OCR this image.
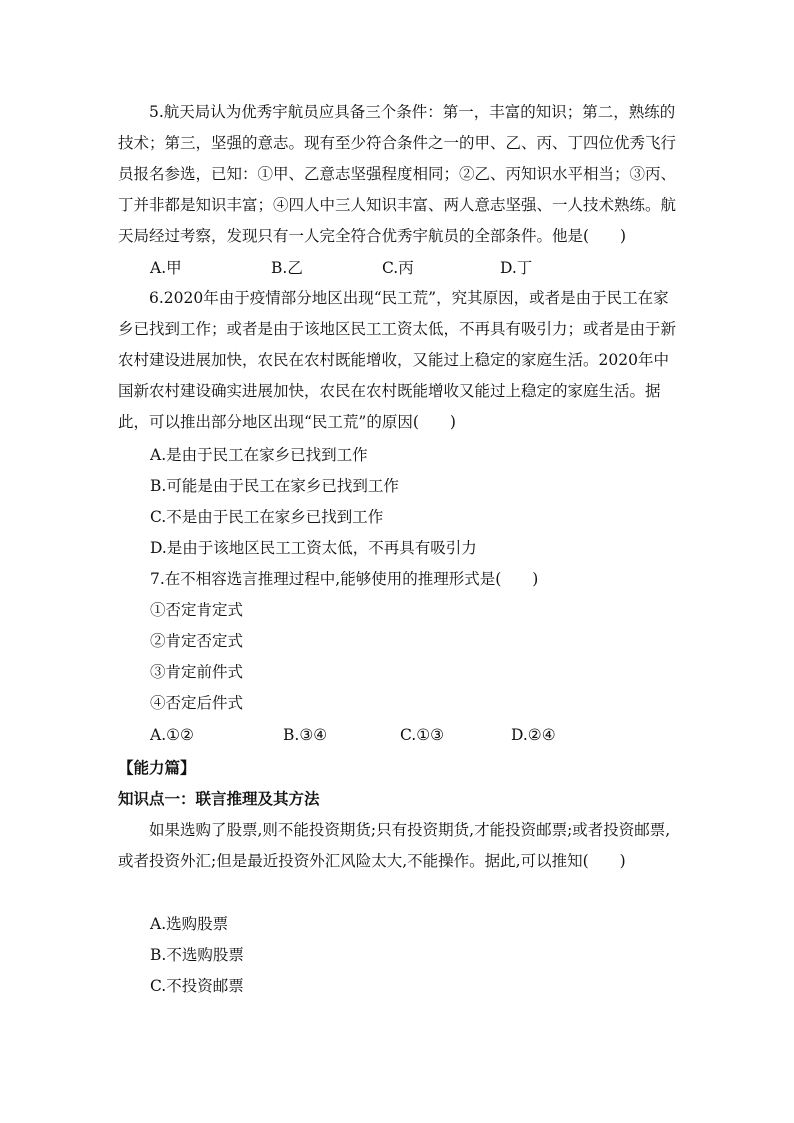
5.航天局认为优秀宇航员应具备三个条件：第一，丰富的知识；第二，熟练的技术；第三，坚强的意志。现有至少符合条件之一的甲、乙、丙、丁四位优秀飞行员报名参选，已知：①甲、乙意志坚强程度相同；②乙、丙知识水平相当；③丙、丁并非都是知识丰富；④四人中三人知识丰富、两人意志坚强、一人技术熟练。航天局经过考察，发现只有一人完全符合优秀宇航员的全部条件。他是(　　)

A.甲	B.乙	C.丙	D.丁

6.2020年由于疫情部分地区出现“民工荒”，究其原因，或者是由于民工在家乡已找到工作；或者是由于该地区民工工资太低，不再具有吸引力；或者是由于新农村建设进展加快，农民在农村既能增收，又能过上稳定的家庭生活。2020年中国新农村建设确实进展加快，农民在农村既能增收又能过上稳定的家庭生活。据此，可以推出部分地区出现“民工荒”的原因(　　)

A.是由于民工在家乡已找到工作
B.可能是由于民工在家乡已找到工作
C.不是由于民工在家乡已找到工作
D.是由于该地区民工工资太低，不再具有吸引力
7.在不相容选言推理过程中,能够使用的推理形式是(　　)
①否定肯定式
②肯定否定式
③肯定前件式
④否定后件式
A.①②	B.③④	C.①③	D.②④
【能力篇】
知识点一：联言推理及其方法

如果选购了股票,则不能投资期货;只有投资期货,才能投资邮票;或者投资邮票,或者投资外汇;但是最近投资外汇风险太大,不能操作。据此,可以推知(　　)

A.选购股票
B.不选购股票
C.不投资邮票
